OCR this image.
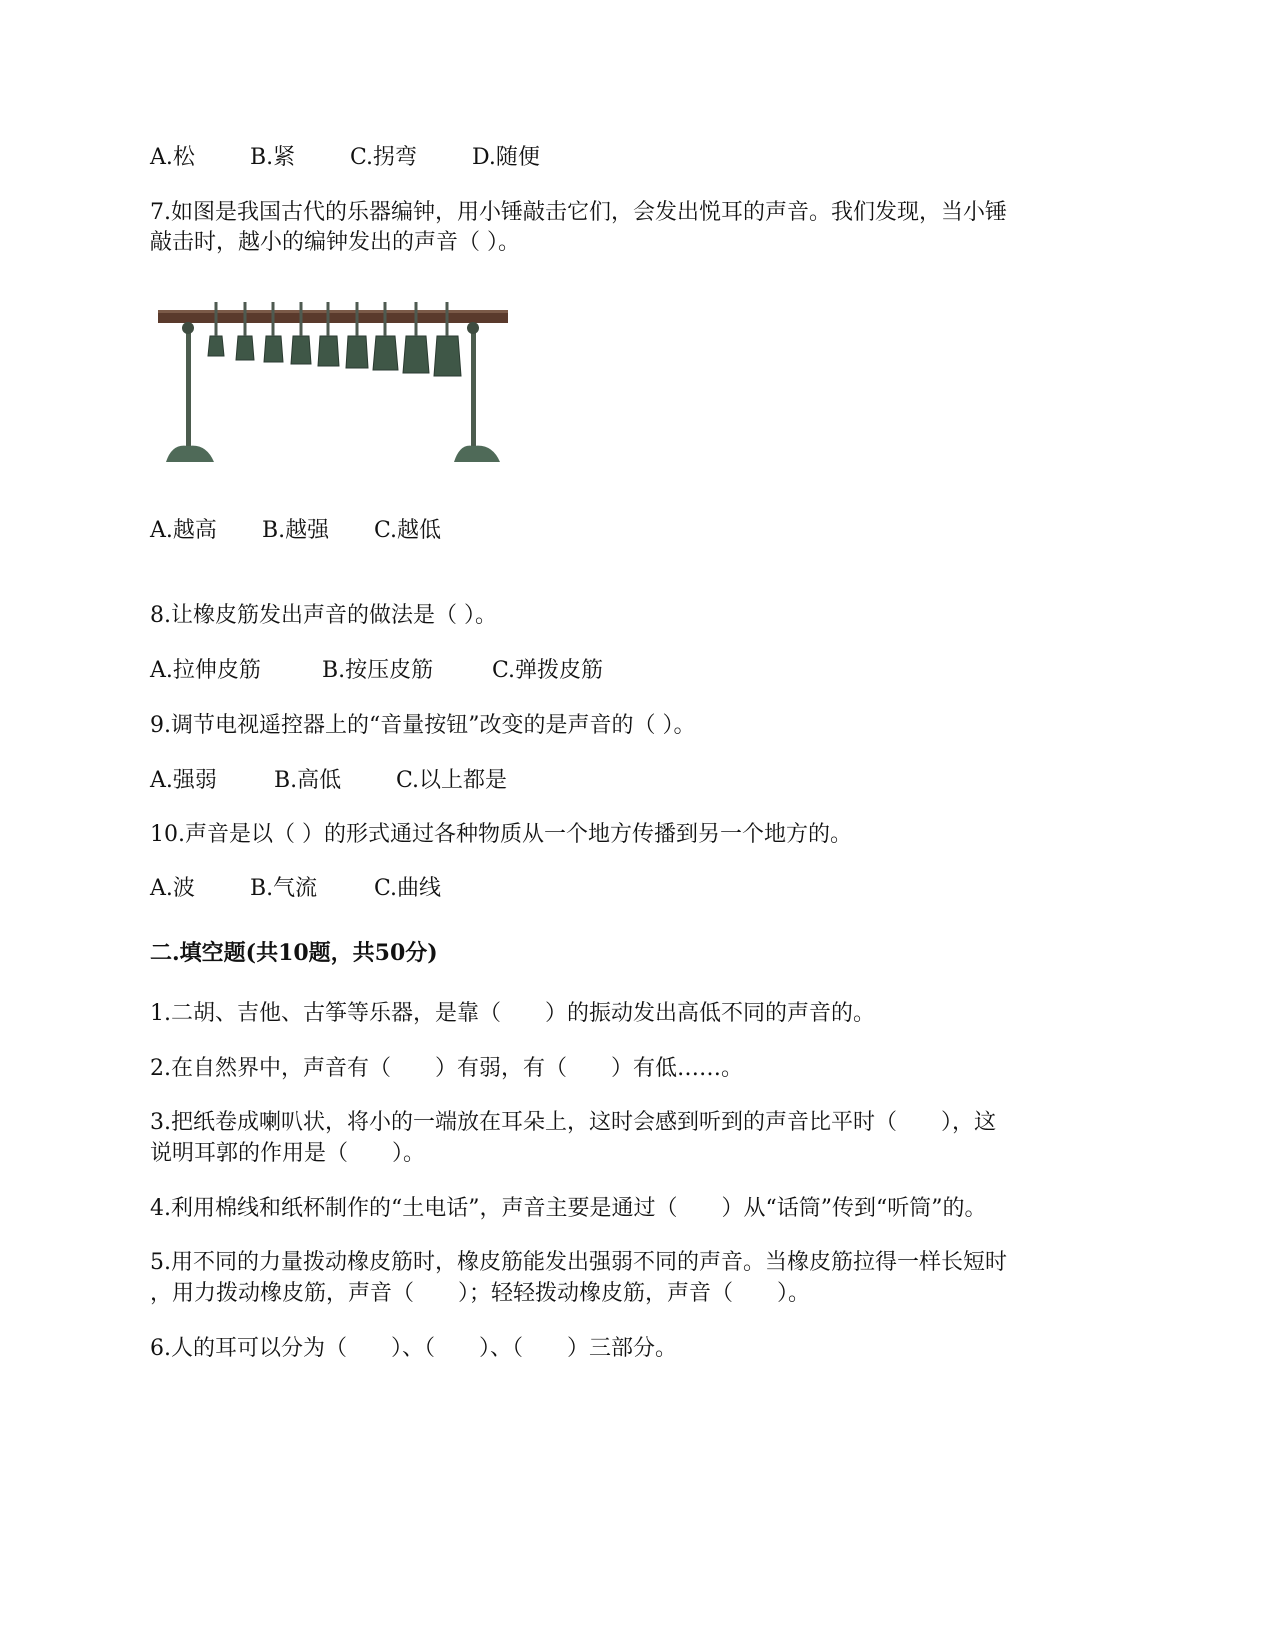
A.松	B.紧 C.拐弯 D.随便
7.如图是我国古代的乐器编钟，用小锤敲击它们，会发出悦耳的声音。我们发现，当小锤
敲击时，越小的编钟发出的声音（ ）。
A.越高 B.越强 C.越低
8.让橡皮筋发出声音的做法是（ ）。
A.拉伸皮筋	B.按压皮筋	C.弹拨皮筋
9.调节电视遥控器上的“音量按钮”改变的是声音的（ ）。
A.强弱	B.高低 C.以上都是
10.声音是以（ ）的形式通过各种物质从一个地方传播到另一个地方的。
A.波	B.气流	C.曲线
二.填空题(共10题，共50分)
1.二胡、吉他、古筝等乐器，是靠（　　）的振动发出高低不同的声音的。
2.在自然界中，声音有（　　）有弱，有（　　）有低……。
3.把纸卷成喇叭状，将小的一端放在耳朵上，这时会感到听到的声音比平时（　　），这
说明耳郭的作用是（　　）。
4.利用棉线和纸杯制作的“土电话”，声音主要是通过（　　）从“话筒”传到“听筒”的。
5.用不同的力量拨动橡皮筋时，橡皮筋能发出强弱不同的声音。当橡皮筋拉得一样长短时
，用力拨动橡皮筋，声音（　　）；轻轻拨动橡皮筋，声音（　　）。
6.人的耳可以分为（　　）、（　　）、（　　）三部分。
